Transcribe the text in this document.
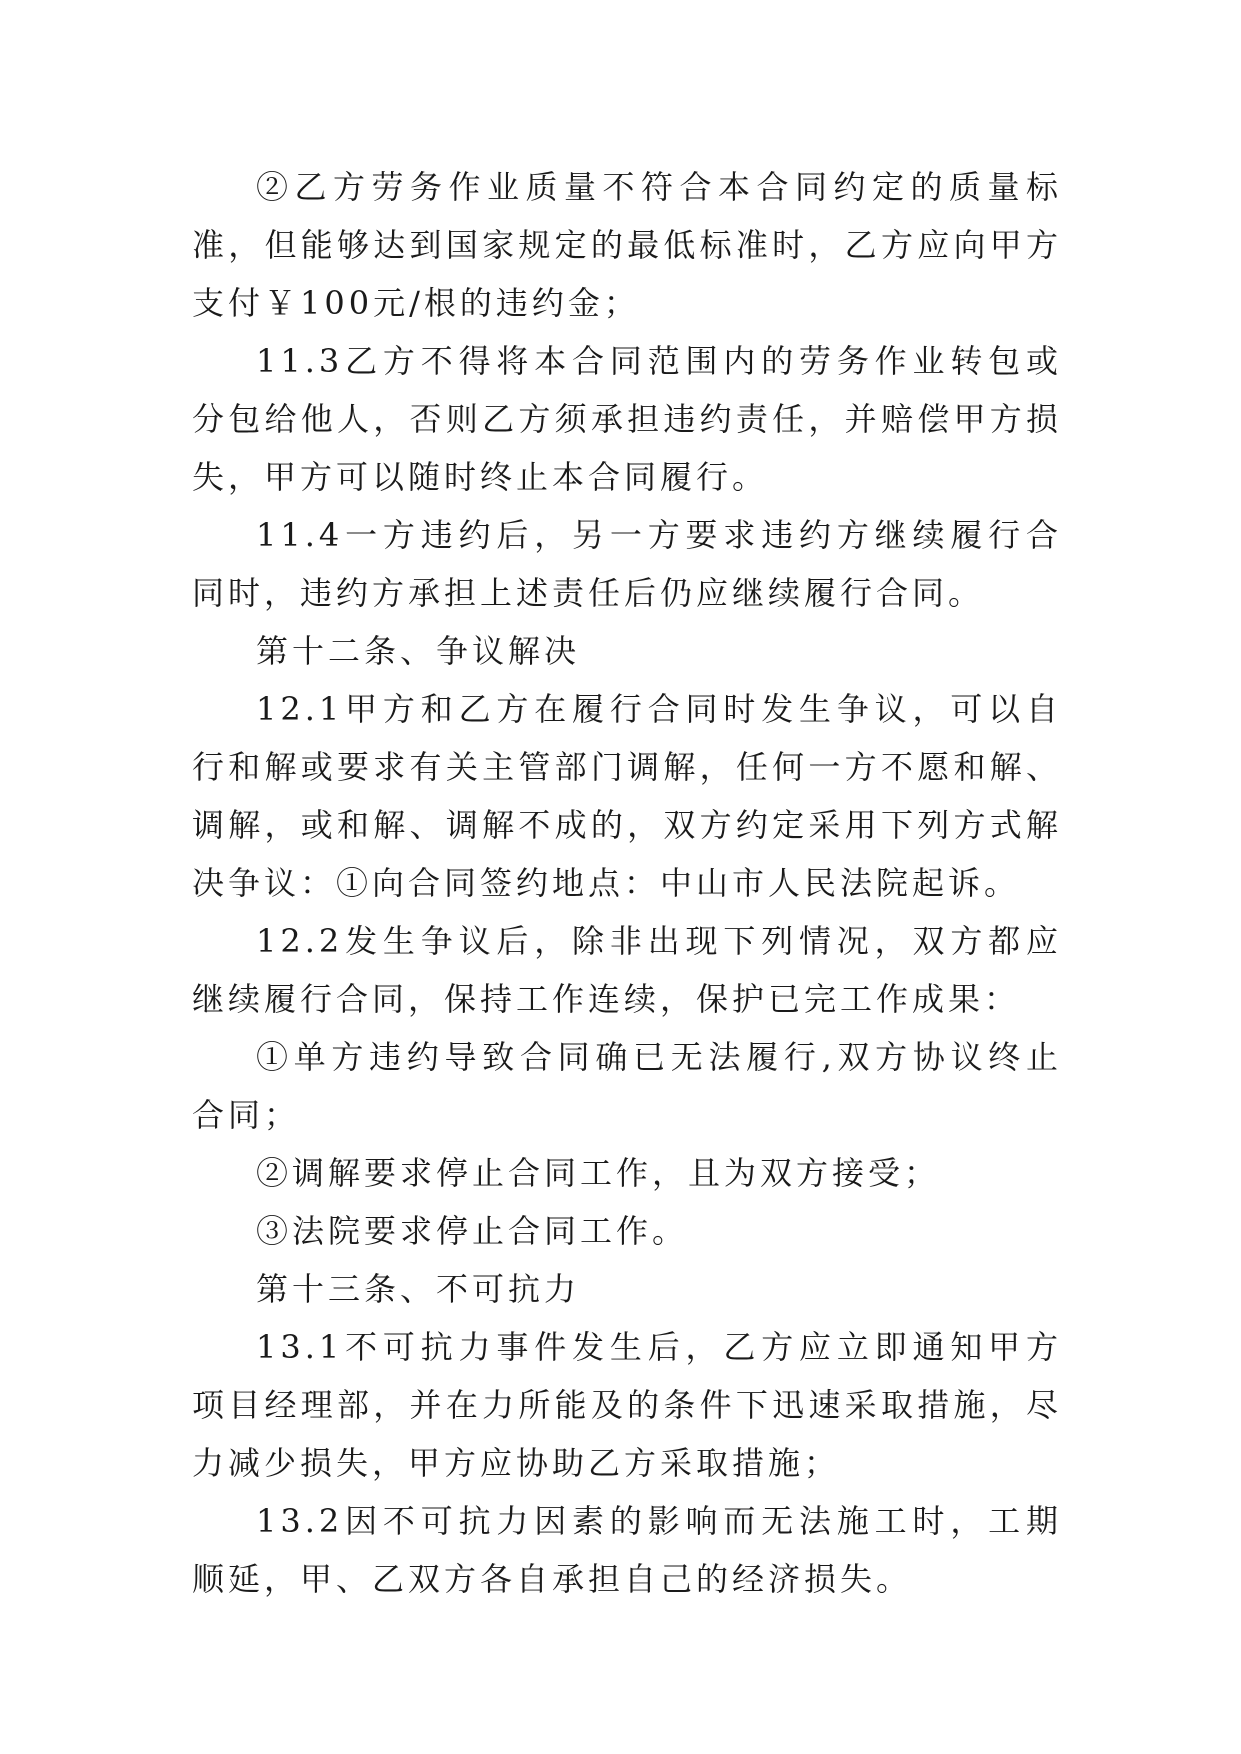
②乙方劳务作业质量不符合本合同约定的质量标准，但能够达到国家规定的最低标准时，乙方应向甲方支付￥100元/根的违约金；

11.3乙方不得将本合同范围内的劳务作业转包或分包给他人，否则乙方须承担违约责任，并赔偿甲方损失，甲方可以随时终止本合同履行。

11.4一方违约后，另一方要求违约方继续履行合同时，违约方承担上述责任后仍应继续履行合同。

第十二条、争议解决

12.1甲方和乙方在履行合同时发生争议，可以自行和解或要求有关主管部门调解，任何一方不愿和解、调解，或和解、调解不成的，双方约定采用下列方式解决争议：①向合同签约地点：中山市人民法院起诉。

12.2发生争议后，除非出现下列情况，双方都应继续履行合同，保持工作连续，保护已完工作成果：

①单方违约导致合同确已无法履行,双方协议终止合同；

②调解要求停止合同工作，且为双方接受；

③法院要求停止合同工作。

第十三条、不可抗力

13.1不可抗力事件发生后，乙方应立即通知甲方项目经理部，并在力所能及的条件下迅速采取措施，尽力减少损失，甲方应协助乙方采取措施；

13.2因不可抗力因素的影响而无法施工时，工期顺延，甲、乙双方各自承担自己的经济损失。
